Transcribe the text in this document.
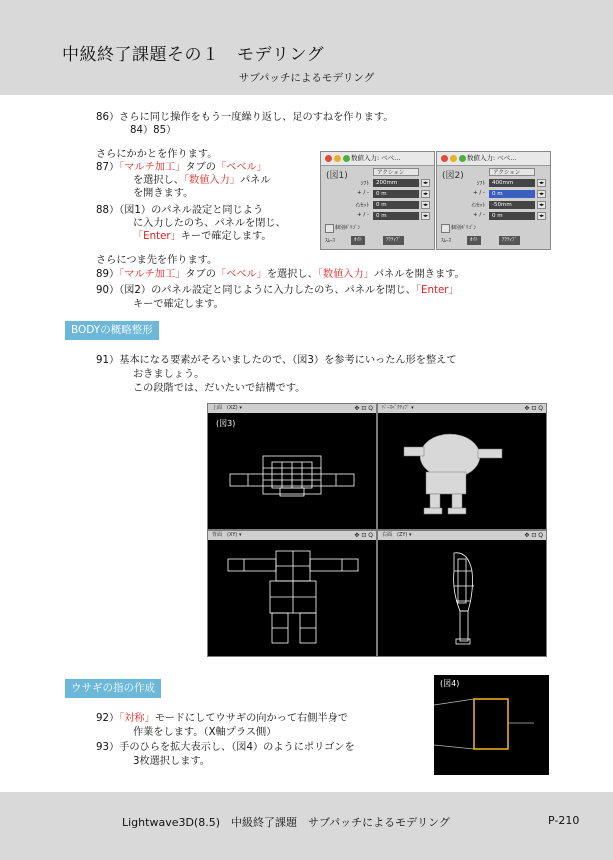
中級終了課題その１　モデリング
サブパッチによるモデリング
86）さらに同じ操作をもう一度繰り返し、足のすねを作ります。
84）85）
さらにかかとを作ります。
87）「マルチ加工」タブの「ベベル」
を選択し、「数値入力」パネル
を開きます。
88）（図1）のパネル設定と同じよう
に入力したのち、パネルを閉じ、
「Enter」キーで確定します。
数値入力: ベベ...
(図1)	アクション
ｼﾌﾄ	200mm	◂▸
+ / -	0 m	◂▸
ｲﾝｾｯﾄ	0 m	◂▸
+ / -	0 m	◂▸
個別ﾎﾟﾘｺﾞﾝ
ｽﾑｰｽ	ｵｲﾄ	ｱｸﾃｨﾌﾞ
数値入力: ベベ...
(図2)	アクション
ｼﾌﾄ	400mm	◂▸
+ / -	0 m	◂▸
ｲﾝｾｯﾄ	-50mm	◂▸
+ / -	0 m	◂▸
個別ﾎﾟﾘｺﾞﾝ
ｽﾑｰｽ	ｵｲﾄ	ｱｸﾃｨﾌﾞ
さらにつま先を作ります。
89）「マルチ加工」タブの「ベベル」を選択し、「数値入力」パネルを開きます。
90）（図2）のパネル設定と同じように入力したのち、パネルを閉じ、「Enter」
キーで確定します。
BODYの概略整形
91）基本になる要素がそろいましたので、（図3）を参考にいったん形を整えて
おきましょう。
この段階では、だいたいで結構です。
上面　(XZ) ▾	✥ ⊡ Q
(図3)
ﾊﾟｰｽﾍﾟｸﾃｨﾌﾞ ▾	✥ ⊡ Q
背面　(XY) ▾	✥ ⊡ Q	右面　(ZY) ▾	✥ ⊡ Q
ウサギの指の作成
92）「対称」モードにしてウサギの向かって右側半身で
作業をします。（X軸プラス側）
93）手のひらを拡大表示し、（図4）のようにポリゴンを
3枚選択します。
(図4)
Lightwave3D(8.5)　中級終了課題　サブパッチによるモデリング	P-210
